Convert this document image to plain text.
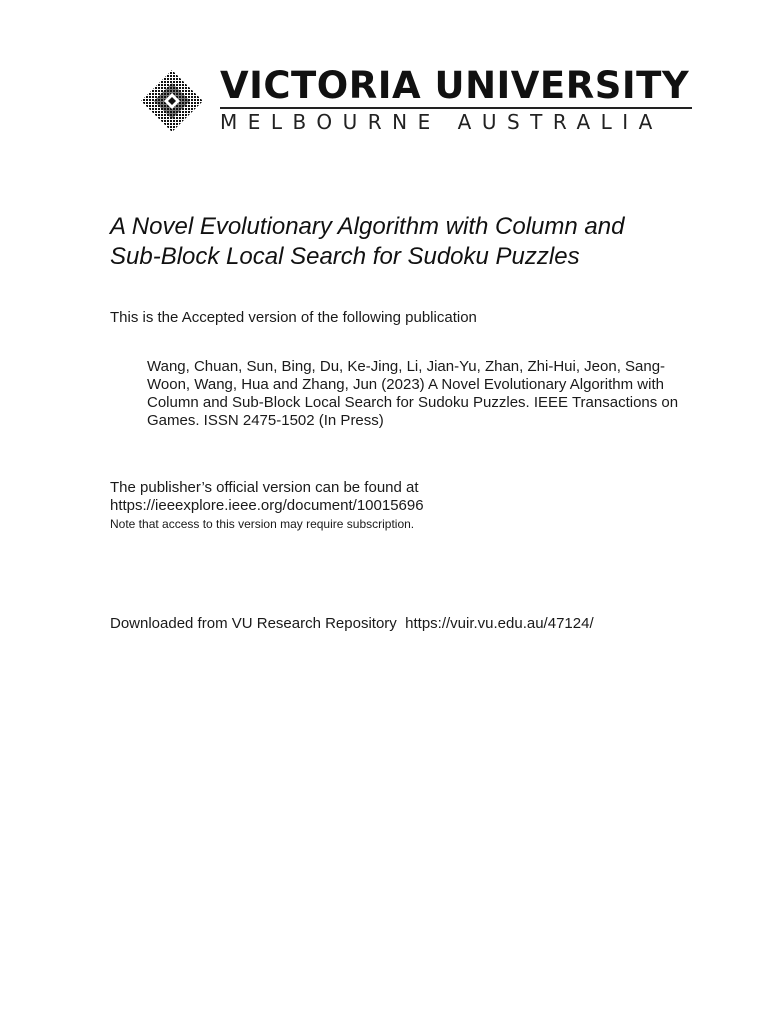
VICTORIA UNIVERSITY
MELBOURNE AUSTRALIA
A Novel Evolutionary Algorithm with Column and
Sub-Block Local Search for Sudoku Puzzles

This is the Accepted version of the following publication

Wang, Chuan, Sun, Bing, Du, Ke-Jing, Li, Jian-Yu, Zhan, Zhi-Hui, Jeon, Sang-Woon, Wang, Hua and Zhang, Jun (2023) A Novel Evolutionary Algorithm with Column and Sub-Block Local Search for Sudoku Puzzles. IEEE Transactions on Games. ISSN 2475-1502 (In Press)

The publisher’s official version can be found at
https://ieeexplore.ieee.org/document/10015696
Note that access to this version may require subscription.

Downloaded from VU Research Repository https://vuir.vu.edu.au/47124/
